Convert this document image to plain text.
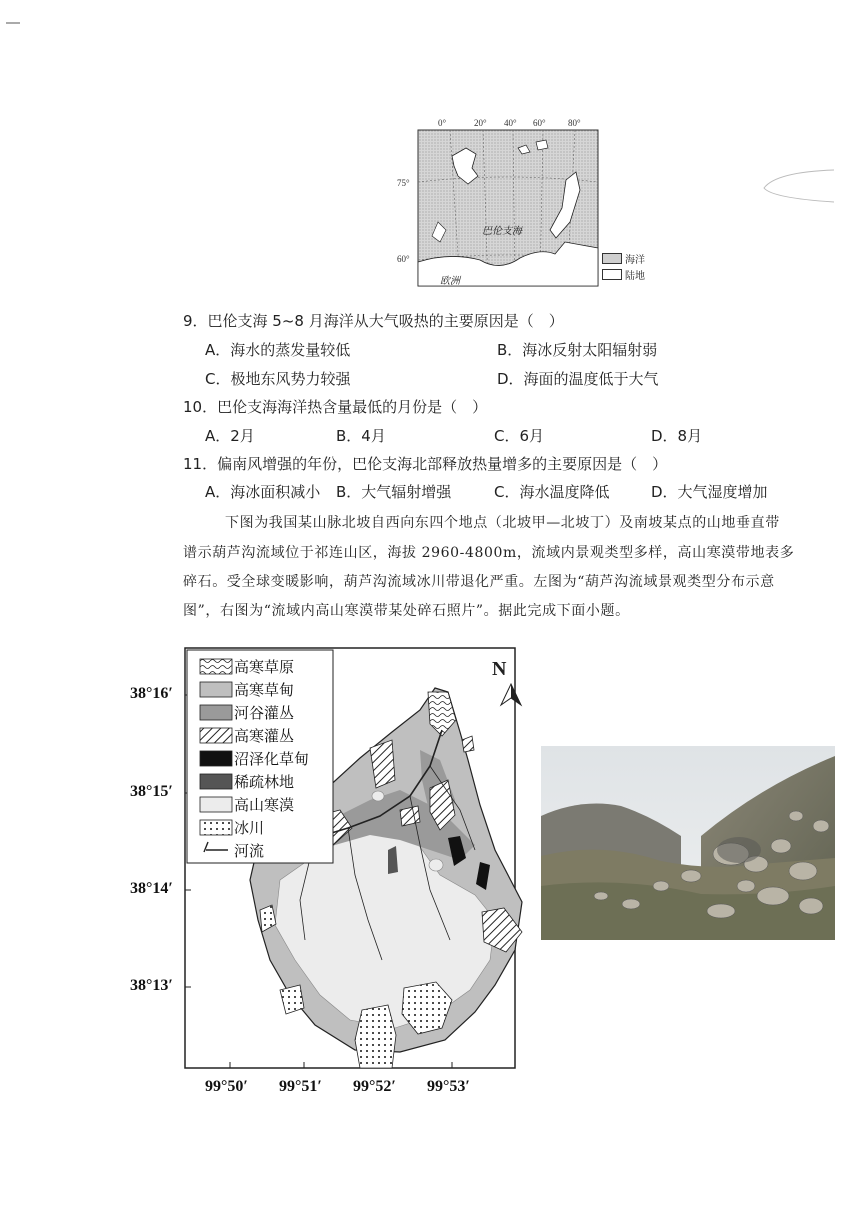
0°	20° 40° 60° 80°
75°
60°
巴伦支海
欧洲
海洋
陆地
9．巴伦支海 5~8 月海洋从大气吸热的主要原因是（　）
A．海水的蒸发量较低	B．海冰反射太阳辐射弱
C．极地东风势力较强	D．海面的温度低于大气
10．巴伦支海海洋热含量最低的月份是（　）
A．2月	B．4月	C．6月	D．8月
11．偏南风增强的年份，巴伦支海北部释放热量增多的主要原因是（　）
A．海冰面积减小 B．大气辐射增强	C．海水温度降低	D．大气湿度增加
下图为我国某山脉北坡自西向东四个地点（北坡甲—北坡丁）及南坡某点的山地垂直带
谱示葫芦沟流域位于祁连山区，海拔 2960-4800m，流域内景观类型多样，高山寒漠带地表多
碎石。受全球变暖影响，葫芦沟流域冰川带退化严重。左图为“葫芦沟流域景观类型分布示意
图”，右图为“流域内高山寒漠带某处碎石照片”。据此完成下面小题。
高寒草原
高寒草甸
河谷灌丛
高寒灌丛
沼泽化草甸
稀疏林地
高山寒漠
冰川
河流
N
38°16′
38°15′
38°14′
38°13′
99°50′ 99°51′ 99°52′ 99°53′
